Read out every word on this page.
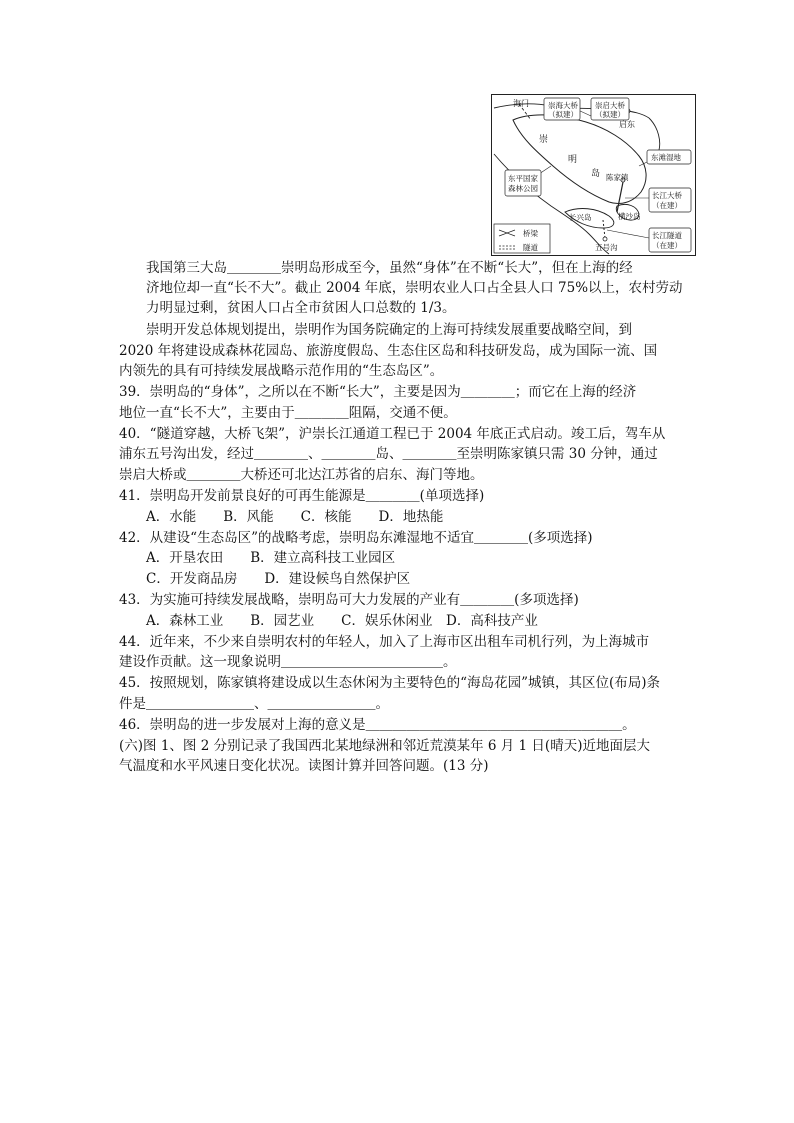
海门	崇海大桥
（拟建）
崇启大桥
（拟建）
启东
崇
明
岛
东滩湿地
陈家镇
东平国家
森林公园
长江大桥
（在建）
长兴岛	横沙岛
长江隧道
（在建）
五号沟
桥梁
隧道
　　我国第三大岛＿＿＿＿崇明岛形成至今，虽然“身体”在不断“长大”，但在上海的经
　　济地位却一直“长不大”。截止 2004 年底，崇明农业人口占全县人口 75%以上，农村劳动
　　力明显过剩，贫困人口占全市贫困人口总数的 1/3。
　　崇明开发总体规划提出，崇明作为国务院确定的上海可持续发展重要战略空间，到
2020 年将建设成森林花园岛、旅游度假岛、生态住区岛和科技研发岛，成为国际一流、国
内领先的具有可持续发展战略示范作用的“生态岛区”。
39．崇明岛的“身体”，之所以在不断“长大”，主要是因为＿＿＿＿；而它在上海的经济
地位一直“长不大”，主要由于＿＿＿＿阻隔，交通不便。
40．“隧道穿越，大桥飞架”，沪崇长江通道工程已于 2004 年底正式启动。竣工后，驾车从
浦东五号沟出发，经过＿＿＿＿、＿＿＿＿岛、＿＿＿＿至崇明陈家镇只需 30 分钟，通过
崇启大桥或＿＿＿＿大桥还可北达江苏省的启东、海门等地。
41．崇明岛开发前景良好的可再生能源是＿＿＿＿(单项选择)
　　A．水能　　B．风能　　C．核能　　D．地热能
42．从建设“生态岛区”的战略考虑，崇明岛东滩湿地不适宜＿＿＿＿(多项选择)
　　A．开垦农田　　B．建立高科技工业园区
　　C．开发商品房　　D．建设候鸟自然保护区
43．为实施可持续发展战略，崇明岛可大力发展的产业有＿＿＿＿(多项选择)
　　A．森林工业　　B．园艺业　　C．娱乐休闲业　D．高科技产业
44．近年来，不少来自崇明农村的年轻人，加入了上海市区出租车司机行列，为上海城市
建设作贡献。这一现象说明＿＿＿＿＿＿＿＿＿＿＿＿。
45．按照规划，陈家镇将建设成以生态休闲为主要特色的“海岛花园”城镇，其区位(布局)条
件是＿＿＿＿＿＿＿＿、＿＿＿＿＿＿＿＿。
46．崇明岛的进一步发展对上海的意义是＿＿＿＿＿＿＿＿＿＿＿＿＿＿＿＿＿＿＿。
(六)图 1、图 2 分别记录了我国西北某地绿洲和邻近荒漠某年 6 月 1 日(晴天)近地面层大
气温度和水平风速日变化状况。读图计算并回答问题。(13 分)
